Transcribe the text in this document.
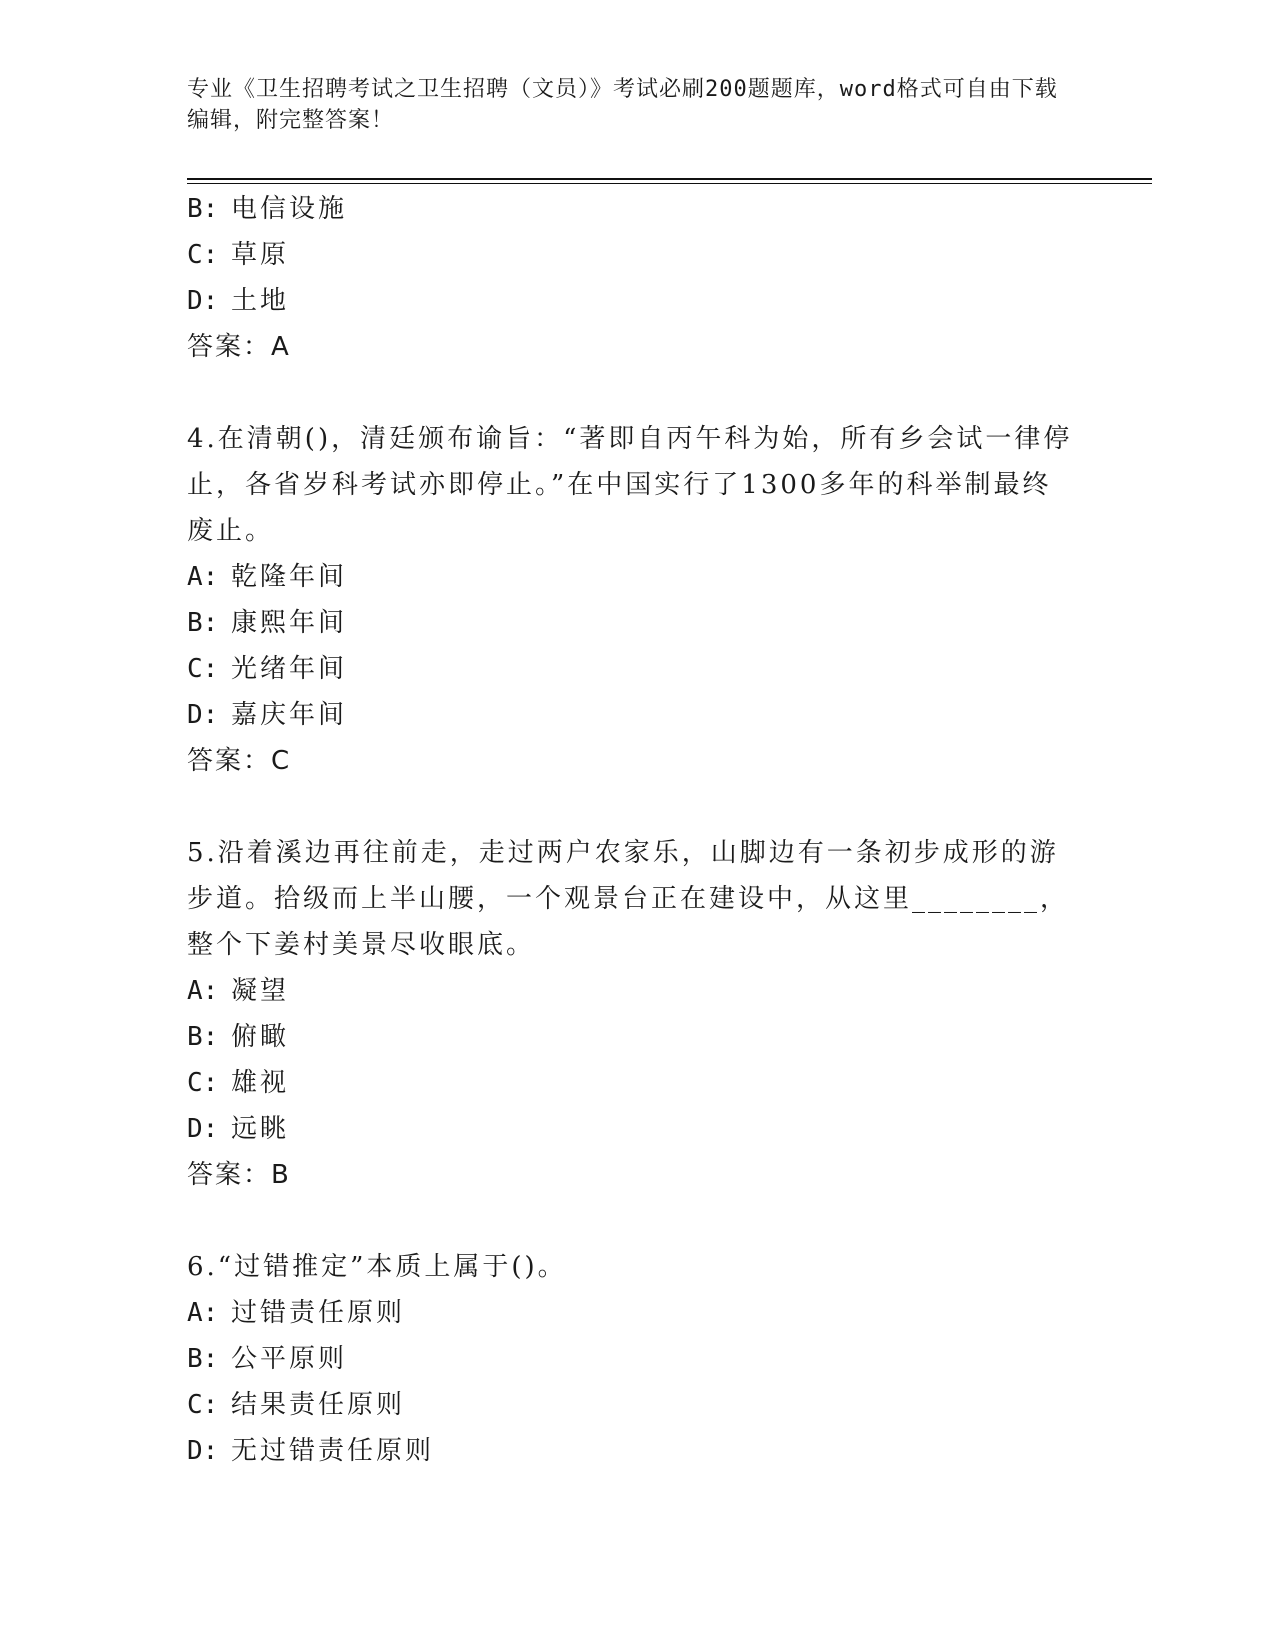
专业《卫生招聘考试之卫生招聘（文员）》考试必刷200题题库，word格式可自由下载编辑，附完整答案！
B: 电信设施
C: 草原
D: 土地
答案：A
4.在清朝()，清廷颁布谕旨：“著即自丙午科为始，所有乡会试一律停止，各省岁科考试亦即停止。”在中国实行了1300多年的科举制最终废止。
A: 乾隆年间
B: 康熙年间
C: 光绪年间
D: 嘉庆年间
答案：C
5.沿着溪边再往前走，走过两户农家乐，山脚边有一条初步成形的游步道。拾级而上半山腰，一个观景台正在建设中，从这里________，整个下姜村美景尽收眼底。
A: 凝望
B: 俯瞰
C: 雄视
D: 远眺
答案：B
6.“过错推定”本质上属于()。
A: 过错责任原则
B: 公平原则
C: 结果责任原则
D: 无过错责任原则
